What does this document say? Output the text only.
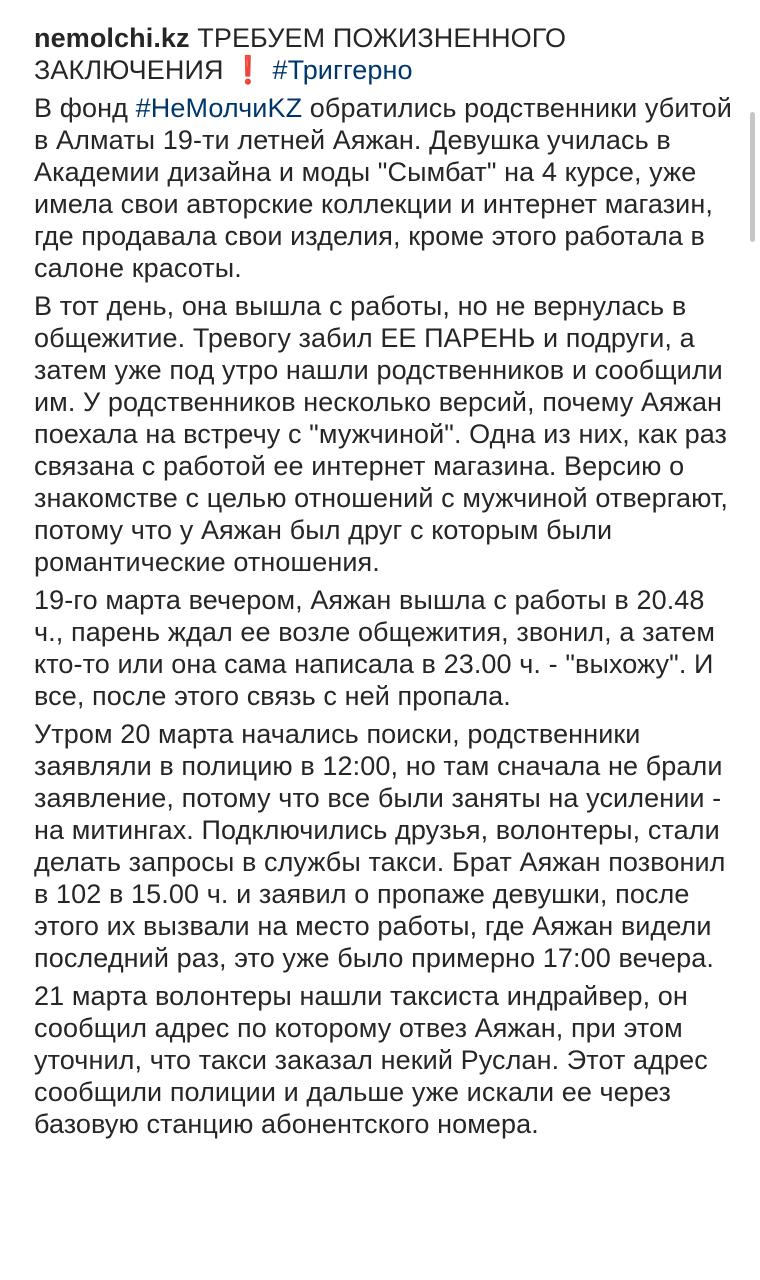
nemolchi.kz ТРЕБУЕМ ПОЖИЗНЕННОГО ЗАКЛЮЧЕНИЯ ❗ #Триггерно

В фонд #НеМолчиKZ обратились родственники убитой в Алматы 19-ти летней Аяжан. Девушка училась в Академии дизайна и моды "Сымбат" на 4 курсе, уже имела свои авторские коллекции и интернет магазин, где продавала свои изделия, кроме этого работала в салоне красоты.

В тот день, она вышла с работы, но не вернулась в общежитие. Тревогу забил ЕЕ ПАРЕНЬ и подруги, а затем уже под утро нашли родственников и сообщили им. У родственников несколько версий, почему Аяжан поехала на встречу с "мужчиной". Одна из них, как раз связана с работой ее интернет магазина. Версию о знакомстве с целью отношений с мужчиной отвергают, потому что у Аяжан был друг с которым были романтические отношения.

19-го марта вечером, Аяжан вышла с работы в 20.48 ч., парень ждал ее возле общежития, звонил, а затем кто-то или она сама написала в 23.00 ч. - "выхожу". И все, после этого связь с ней пропала.

Утром 20 марта начались поиски, родственники заявляли в полицию в 12:00, но там сначала не брали заявление, потому что все были заняты на усилении - на митингах. Подключились друзья, волонтеры, стали делать запросы в службы такси. Брат Аяжан позвонил в 102 в 15.00 ч. и заявил о пропаже девушки, после этого их вызвали на место работы, где Аяжан видели последний раз, это уже было примерно 17:00 вечера.

21 марта волонтеры нашли таксиста индрайвер, он сообщил адрес по которому отвез Аяжан, при этом уточнил, что такси заказал некий Руслан. Этот адрес сообщили полиции и дальше уже искали ее через базовую станцию абонентского номера.
